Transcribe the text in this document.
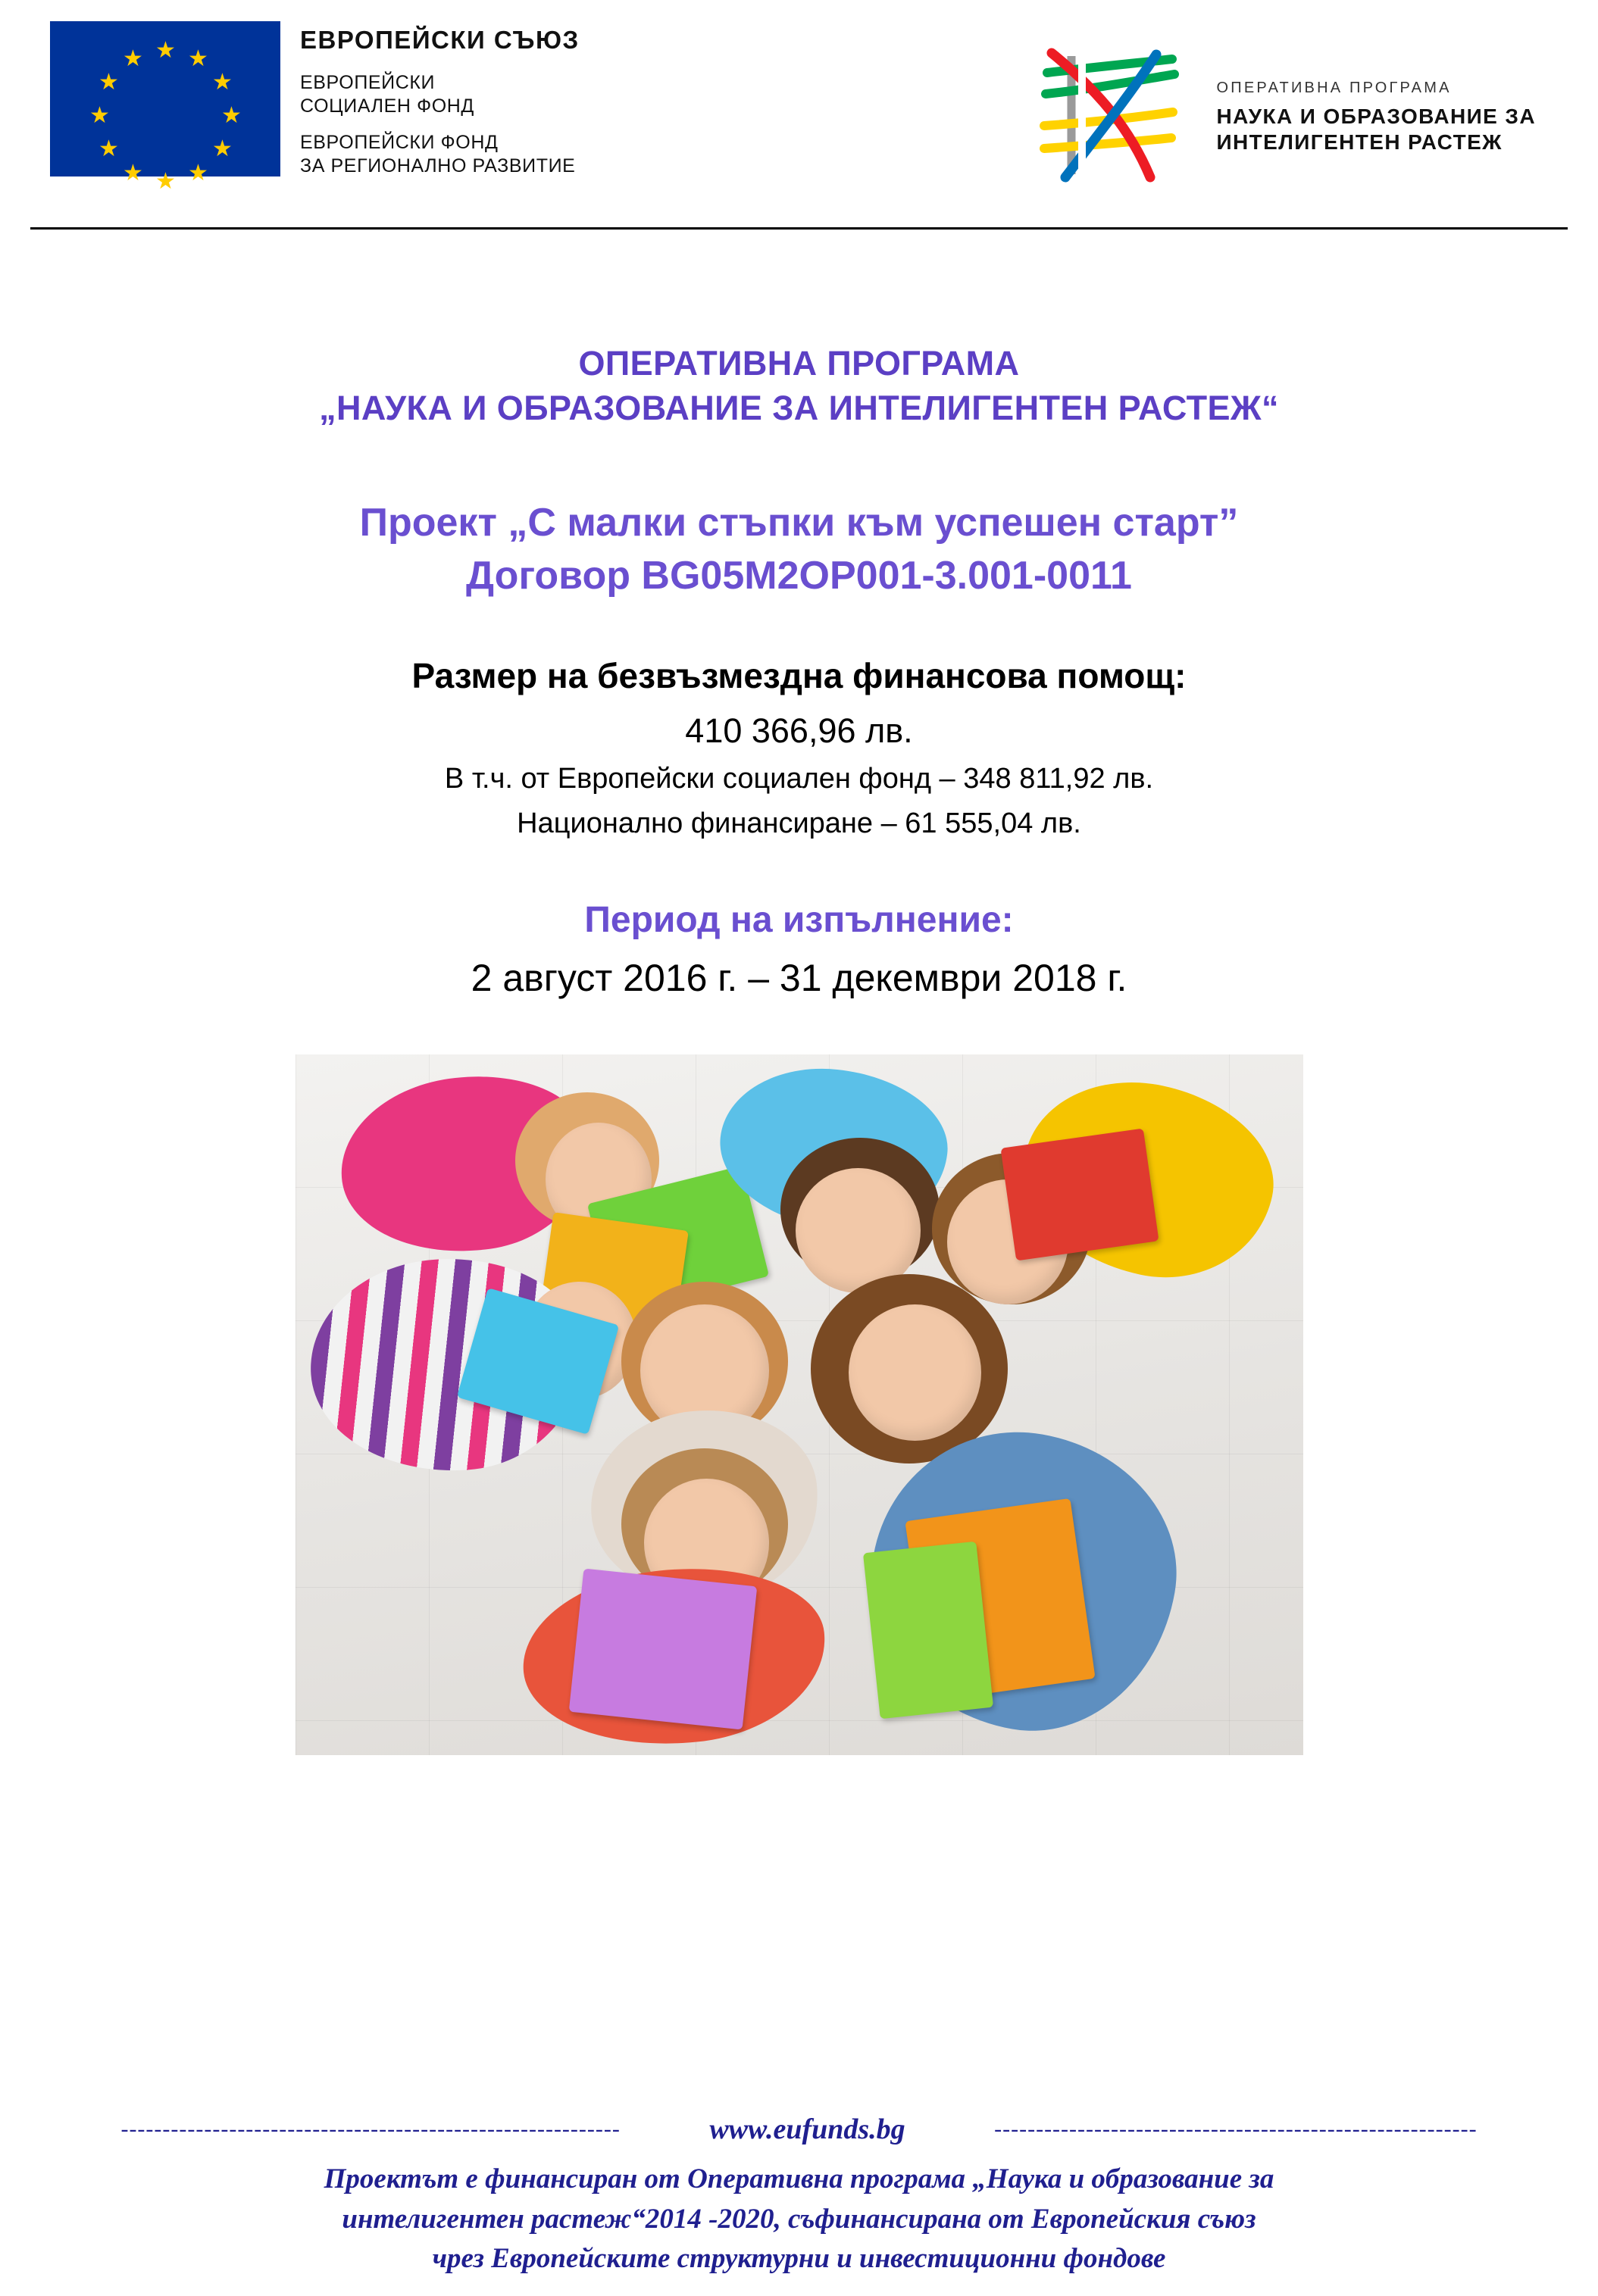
★ ★
★
★
★
★
★
★
★
★
★
★
ЕВРОПЕЙСКИ СЪЮЗ
ЕВРОПЕЙСКИ
СОЦИАЛЕН ФОНД
ЕВРОПЕЙСКИ ФОНД
ЗА РЕГИОНАЛНО РАЗВИТИЕ
ОПЕРАТИВНА ПРОГРАМА
НАУКА И ОБРАЗОВАНИЕ ЗА
ИНТЕЛИГЕНТЕН РАСТЕЖ
ОПЕРАТИВНА ПРОГРАМА
„НАУКА И ОБРАЗОВАНИЕ ЗА ИНТЕЛИГЕНТЕН РАСТЕЖ“
Проект „С малки стъпки към успешен старт”
Договор BG05M2OP001-3.001-0011
Размер на безвъзмездна финансова помощ:
410 366,96 лв.
В т.ч. от Европейски социален фонд – 348 811,92 лв.
Национално финансиране – 61 555,04 лв.
Период на изпълнение:
2 август 2016 г. – 31 декември 2018 г.
------------------------------------------------------------	www.eufunds.bg	----------------------------------------------------------
Проектът е финансиран от Оперативна програма „Наука и образование за
интелигентен растеж“2014 -2020, съфинансирана от Европейския съюз
чрез Европейските структурни и инвестиционни фондове
